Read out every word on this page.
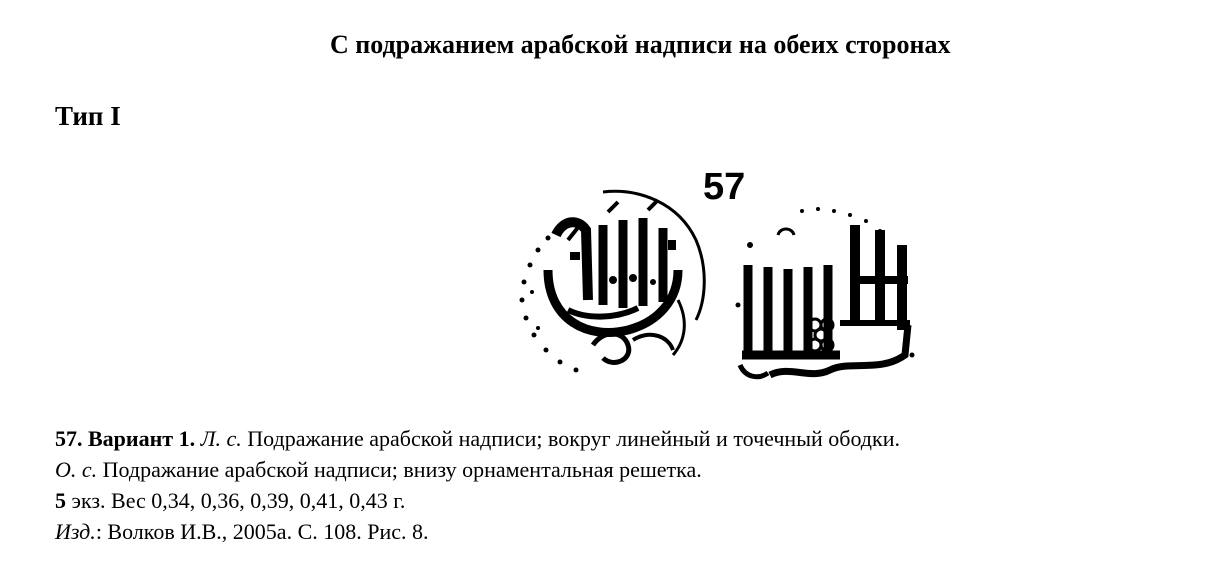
С подражанием арабской надписи на обеих сторонах
Тип I
57
57. Вариант 1. Л. с. Подражание арабской надписи; вокруг линейный и точечный ободки.
О. с. Подражание арабской надписи; внизу орнаментальная решетка.
5 экз. Вес 0,34, 0,36, 0,39, 0,41, 0,43 г.
Изд.: Волков И.В., 2005а. С. 108. Рис. 8.
